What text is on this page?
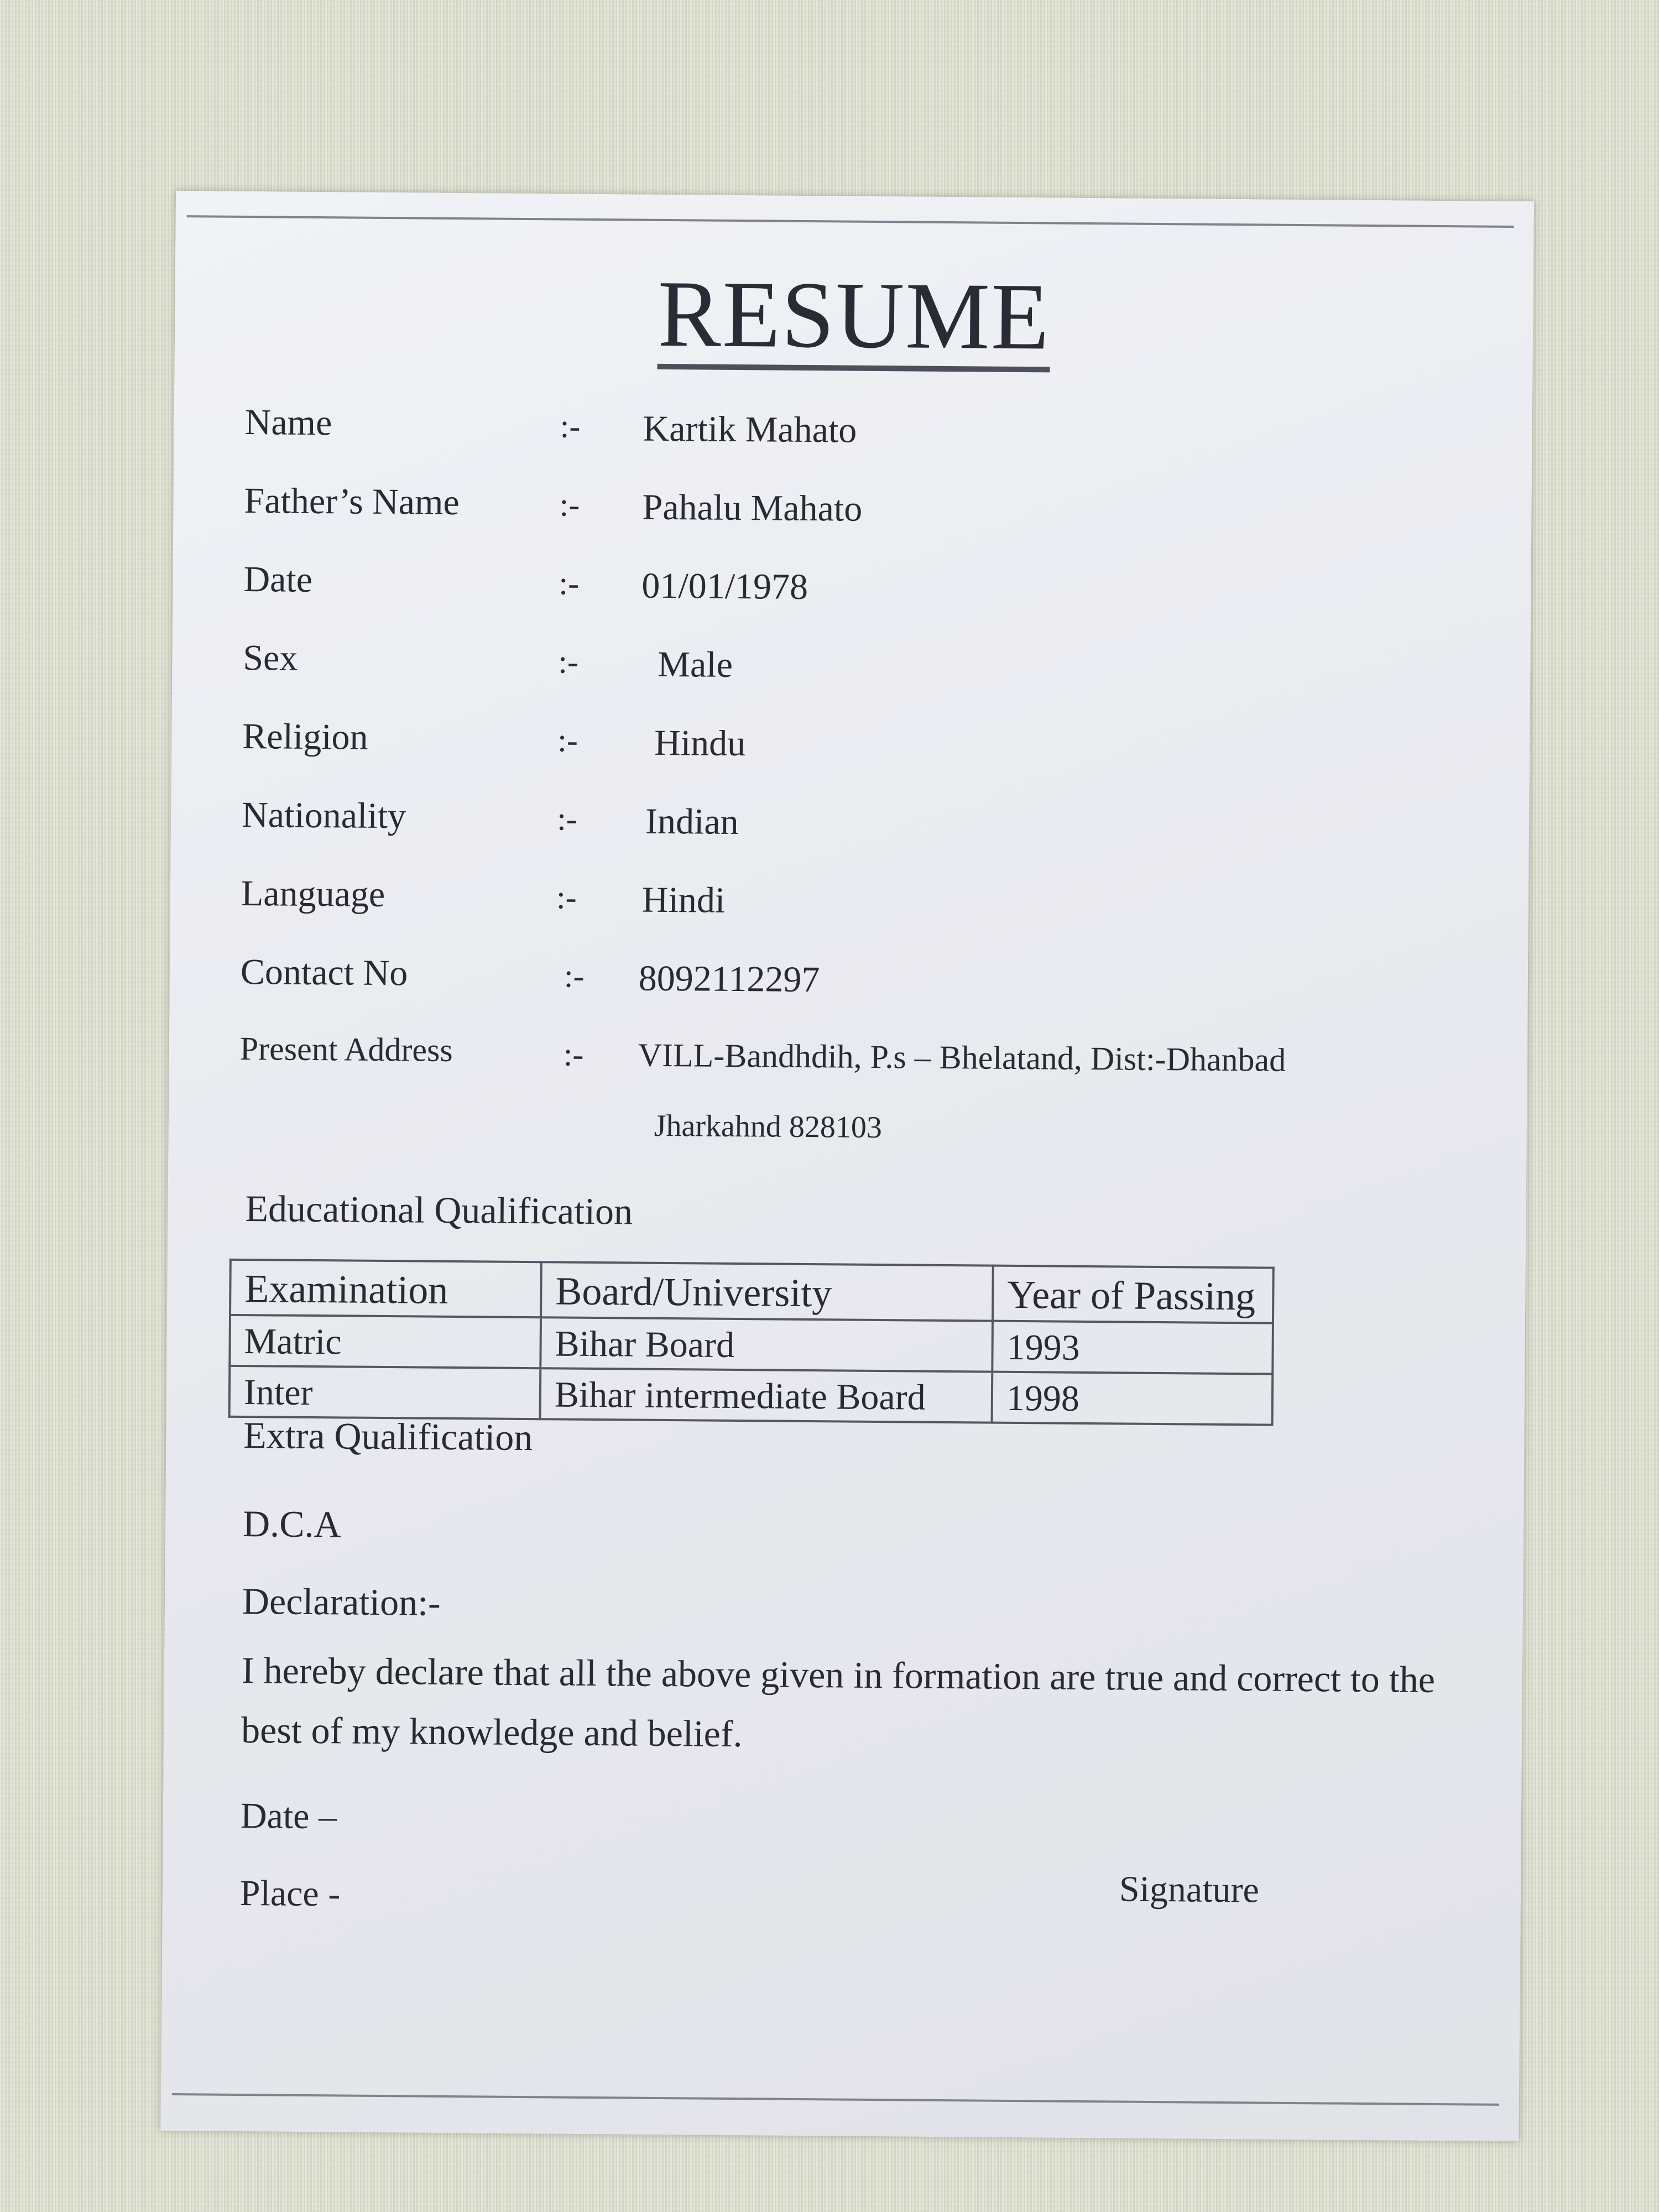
RESUME
Name	:- Kartik Mahato
Father’s Name	:- Pahalu Mahato
Date	:- 01/01/1978
Sex	:- Male
Religion	:- Hindu
Nationality	:- Indian
Language	:- Hindi
Contact No	:- 8092112297
Present Address	:- VILL-Bandhdih, P.s – Bhelatand, Dist:-Dhanbad
Jharkahnd 828103
Educational Qualification
Examination	Board/University	Year of Passing
Matric	Bihar Board	1993
Inter	Bihar intermediate Board	1998
Extra Qualification
D.C.A
Declaration:-
I hereby declare that all the above given in formation are true and correct to the best of my knowledge and belief.
Date –
Place -	Signature
